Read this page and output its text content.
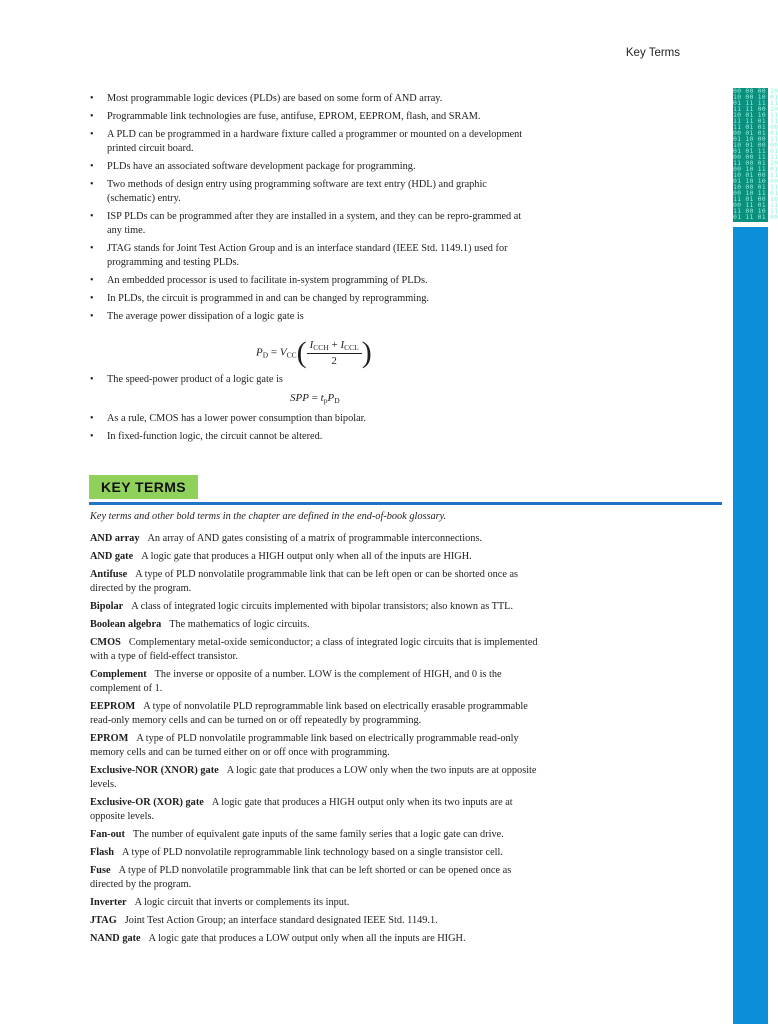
00 00 00 10
10 00 10 01
01 11 11 11
11 11 00 10
10 01 10 11
11 11 01 11
11 01 01 00
00 01 01 01
01 10 00 11
10 01 00 00
01 01 11 01
00 00 11 11
11 00 01 10
00 10 11 01
10 01 00 11
01 10 10 00
10 00 01 11
00 10 11 01
11 01 00 10
00 11 01 11
11 00 10 11
01 11 01 00
Key Terms
• Most programmable logic devices (PLDs) are based on some form of AND array.
• Programmable link technologies are fuse, antifuse, EPROM, EEPROM, flash, and SRAM.
• A PLD can be programmed in a hardware fixture called a programmer or mounted on a development printed circuit board.
• PLDs have an associated software development package for programming.
• Two methods of design entry using programming software are text entry (HDL) and graphic (schematic) entry.
• ISP PLDs can be programmed after they are installed in a system, and they can be repro-grammed at any time.
• JTAG stands for Joint Test Action Group and is an interface standard (IEEE Std. 1149.1) used for programming and testing PLDs.
• An embedded processor is used to facilitate in-system programming of PLDs.
• In PLDs, the circuit is programmed in and can be changed by reprogramming.
• The average power dissipation of a logic gate is
$P_D = V_{CC}( \frac{I_{CCH} + I_{CCL}}{2}$ )
• The speed-power product of a logic gate is
SPP = $t_pP_D$
• As a rule, CMOS has a lower power consumption than bipolar.
• In fixed-function logic, the circuit cannot be altered.
KEY TERMS
Key terms and other bold terms in the chapter are defined in the end-of-book glossary.
AND array An array of AND gates consisting of a matrix of programmable interconnections.
AND gate A logic gate that produces a HIGH output only when all of the inputs are HIGH.
Antifuse A type of PLD nonvolatile programmable link that can be left open or can be shorted once as directed by the program.
Bipolar A class of integrated logic circuits implemented with bipolar transistors; also known as TTL.
Boolean algebra The mathematics of logic circuits.
CMOS Complementary metal-oxide semiconductor; a class of integrated logic circuits that is implemented with a type of field-effect transistor.
Complement The inverse or opposite of a number. LOW is the complement of HIGH, and 0 is the complement of 1.
EEPROM A type of nonvolatile PLD reprogrammable link based on electrically erasable programmable read-only memory cells and can be turned on or off repeatedly by programming.
EPROM A type of PLD nonvolatile programmable link based on electrically programmable read-only memory cells and can be turned either on or off once with programming.
Exclusive-NOR (XNOR) gate A logic gate that produces a LOW only when the two inputs are at opposite levels.
Exclusive-OR (XOR) gate A logic gate that produces a HIGH output only when its two inputs are at opposite levels.
Fan-out The number of equivalent gate inputs of the same family series that a logic gate can drive.
Flash A type of PLD nonvolatile reprogrammable link technology based on a single transistor cell.
Fuse A type of PLD nonvolatile programmable link that can be left shorted or can be opened once as directed by the program.
Inverter A logic circuit that inverts or complements its input.
JTAG Joint Test Action Group; an interface standard designated IEEE Std. 1149.1.
NAND gate A logic gate that produces a LOW output only when all the inputs are HIGH.
